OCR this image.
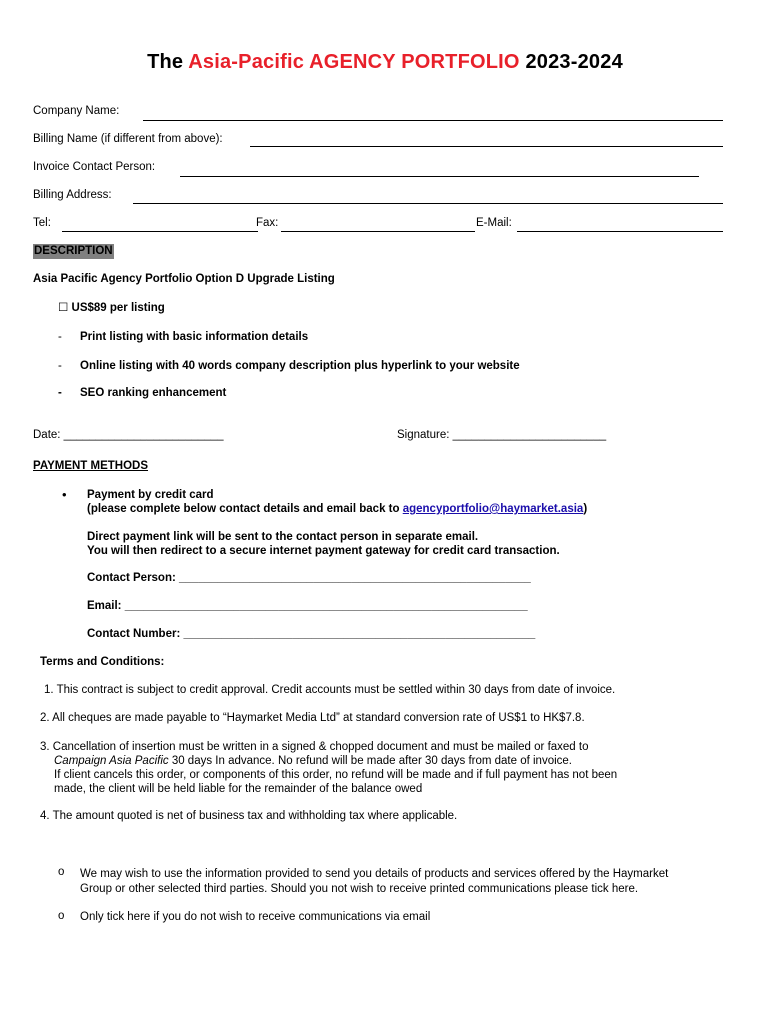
The Asia-Pacific AGENCY PORTFOLIO 2023-2024
Company Name:
Billing Name (if different from above):
Invoice Contact Person:
Billing Address:
Tel:	Fax:	E-Mail:
DESCRIPTION
Asia Pacific Agency Portfolio Option D Upgrade Listing
☐ US$89 per listing
- Print listing with basic information details
- Online listing with 40 words company description plus hyperlink to your website
- SEO ranking enhancement
Date: _________________________	Signature: ________________________
PAYMENT METHODS
• Payment by credit card
(please complete below contact details and email back to agencyportfolio@haymarket.asia)
Direct payment link will be sent to the contact person in separate email.
You will then redirect to a secure internet payment gateway for credit card transaction.
Contact Person: _______________________________________________________
Email: _______________________________________________________________
Contact Number: _______________________________________________________
Terms and Conditions:
1. This contract is subject to credit approval. Credit accounts must be settled within 30 days from date of invoice.
2. All cheques are made payable to “Haymarket Media Ltd” at standard conversion rate of US$1 to HK$7.8.
3. Cancellation of insertion must be written in a signed & chopped document and must be mailed or faxed to
Campaign Asia Pacific 30 days In advance. No refund will be made after 30 days from date of invoice.
If client cancels this order, or components of this order, no refund will be made and if full payment has not been
made, the client will be held liable for the remainder of the balance owed
4. The amount quoted is net of business tax and withholding tax where applicable.
o We may wish to use the information provided to send you details of products and services offered by the Haymarket
Group or other selected third parties. Should you not wish to receive printed communications please tick here.
o Only tick here if you do not wish to receive communications via email
